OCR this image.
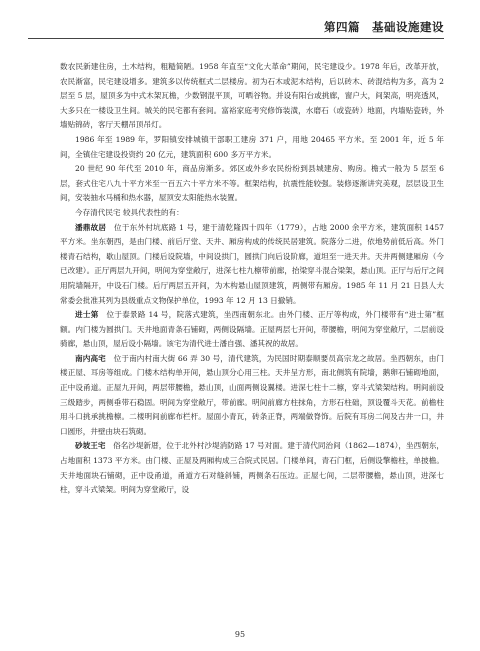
第四篇　基础设施建设

数农民新建住房，土木结构，粗糙简陋。1958 年直至“文化大革命”期间，民宅建设少。1978 年后，改革开放，农民渐富，民宅建设增多。建筑多以传统框式二层楼房。初为石木或泥木结构，后以砖木、砖混结构为多，高为 2 层至 5 层，屋顶多为中式木架瓦檐，少数钢混平顶，可晒谷物。并设有阳台或挑廊，窗户大，间架高，明亮透风，大多只在一楼设卫生间。城关的民宅都有套间。富裕家庭考究修饰装潢，水磨石（或瓷砖）地面，内墙贴瓷砖，外墙贴锦砖，客厅天棚吊顶吊灯。

1986 年至 1989 年，罗阳镇安排城镇干部职工建房 371 户，用地 20465 平方米。至 2001 年，近 5 年间，全镇住宅建设投资约 20 亿元，建筑面积 600 多万平方米。

20 世纪 90 年代至 2010 年，商品房渐多。郊区或外乡农民纷纷到县城建房、购房。檐式一般为 5 层至 6 层，套式住宅八九十平方米至一百五六十平方米不等。框架结构，抗震性能较强。装修逐渐讲究美观，层层设卫生间，安装抽水马桶和热水器，屋顶安太阳能热水装置。

今存清代民宅 较具代表性的有：

潘鼎故居　 位于东外村坑底路 1 号，建于清乾隆四十四年（1779），占地 2000 余平方米，建筑面积 1457 平方米。坐东朝西，是由门楼、前后厅堂、天井、厢房构成的传统民居建筑。院落分二进，依地势前低后高。外门楼青石结构，歇山屋顶。门楼后设院墙，中间设拱门，圆拱门向后设阶廊，道坦至一进天井。天井两侧建厢房（今已改建）。正厅两层九开间，明间为穿堂敞厅，进深七柱九檩带前廊，抬梁穿斗混合梁架，悬山顶。正厅与后厅之间用院墙隔开，中设石门楼。后厅两层五开间，为木构悬山屋顶建筑，两侧带有厢房。1985 年 11 月 21 日县人大常委会批准其列为县级重点文物保护单位，1993 年 12 月 13 日撤销。

进士第　 位于泰景路 14 号，院落式建筑，坐西南朝东北。由外门楼、正厅等构成，外门楼带有“进士第”框额。内门楼为圆拱门。天井地面青条石铺砌，两侧设隔墙。正屋两层七开间，带腰檐，明间为穿堂敞厅，二层前设骑廊，悬山顶，屋后设小隔墙。该宅为清代进士潘自强、潘其祝的故居。

南内高宅　 位于南内村南大街 66 弄 30 号，清代建筑，为民国时期泰顺要员高宗龙之故居。坐西朝东，由门楼正屋、耳房等组成。门楼木结构单开间，悬山顶分心用三柱。天井呈方形，南北侧筑有院墙，鹅卵石铺砌地面，正中设甬道。正屋九开间，两层带腰檐，悬山顶，山面两侧设翼楼。进深七柱十二檩，穿斗式梁架结构。明间前设三级踏步，两侧垂带石稳固。明间为穿堂敞厅，带前廊。明间前廊方柱抹角，方形石柱础，顶设覆斗天花。前檐柱用斗口挑承挑檐檩。二楼明间前廊布栏杆。屋面小青瓦，砖条正脊，两端做脊饰。后院有耳房二间及古井一口，井口圆形，井壁由块石筑砌。

砂坡王宅　 俗名沙堤新厝，位于北外村沙堤消防路 17 号对面。建于清代同治间（1862—1874），坐西朝东，占地面积 1373 平方米。由门楼、正屋及两厢构成三合院式民居。门楼单间，青石门框，后侧设擎檐柱，单披檐。天井地面块石铺砌，正中设甬道，甬道方石对缝斜铺，两侧条石压边。正屋七间，二层带腰檐，悬山顶，进深七柱，穿斗式梁架。明间为穿堂敞厅，设

95
